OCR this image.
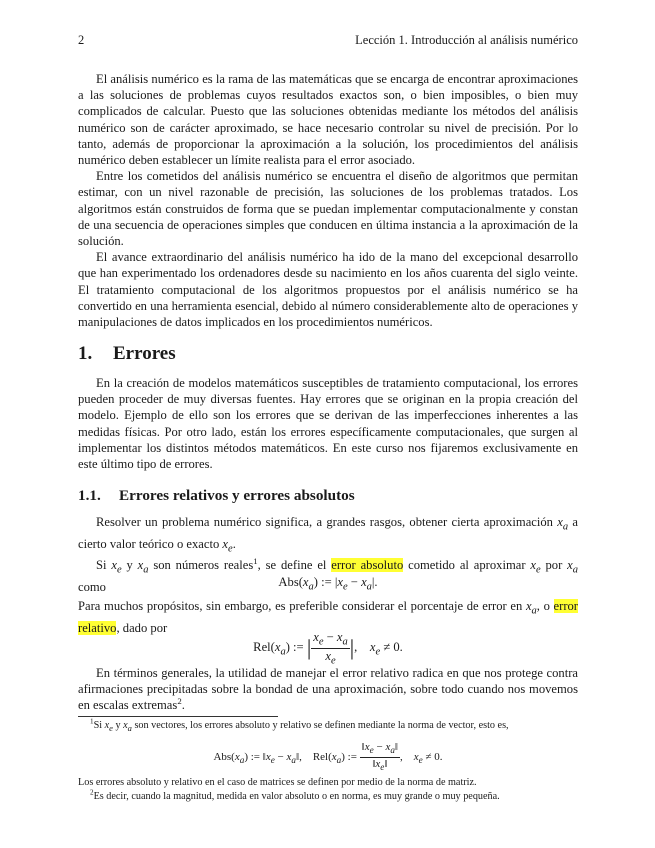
2	Lección 1. Introducción al análisis numérico

El análisis numérico es la rama de las matemáticas que se encarga de encontrar aproximaciones a las soluciones de problemas cuyos resultados exactos son, o bien imposibles, o bien muy complicados de calcular. Puesto que las soluciones obtenidas mediante los métodos del análisis numérico son de carácter aproximado, se hace necesario controlar su nivel de precisión. Por lo tanto, además de proporcionar la aproximación a la solución, los procedimientos del análisis numérico deben establecer un límite realista para el error asociado.

Entre los cometidos del análisis numérico se encuentra el diseño de algoritmos que permitan estimar, con un nivel razonable de precisión, las soluciones de los problemas tratados. Los algoritmos están construidos de forma que se puedan implementar computacionalmente y constan de una secuencia de operaciones simples que conducen en última instancia a la aproximación de la solución.

El avance extraordinario del análisis numérico ha ido de la mano del excepcional desarrollo que han experimentado los ordenadores desde su nacimiento en los años cuarenta del siglo veinte. El tratamiento computacional de los algoritmos propuestos por el análisis numérico se ha convertido en una herramienta esencial, debido al número considerablemente alto de operaciones y manipulaciones de datos implicados en los procedimientos numéricos.

1. Errores

En la creación de modelos matemáticos susceptibles de tratamiento computacional, los errores pueden proceder de muy diversas fuentes. Hay errores que se originan en la propia creación del modelo. Ejemplo de ello son los errores que se derivan de las imperfecciones inherentes a las medidas físicas. Por otro lado, están los errores específicamente computacionales, que surgen al implementar los distintos métodos matemáticos. En este curso nos fijaremos exclusivamente en este último tipo de errores.

1.1. Errores relativos y errores absolutos

Resolver un problema numérico significa, a grandes rasgos, obtener cierta aproximación $x_a$ a cierto valor teórico o exacto $x_e$.

Si $x_e$ y $x_a$ son números reales$^1$, se define el error absoluto cometido al aproximar $x_e$ por $x_a$ como	$Abs(x_a)$ := $|x_e - x_a|$.

Para muchos propósitos, sin embargo, es preferible considerar el porcentaje de error en $x_a$, o error relativo, dado por

$Rel(x_a)$ := | $\frac{x_e - x_a}{x_e}$ |,    $x_e \ne 0$.

En términos generales, la utilidad de manejar el error relativo radica en que nos protege contra afirmaciones precipitadas sobre la bondad de una aproximación, sobre todo cuando nos movemos en escalas extremas$^2$.

$^1$Si $x_e$ y $x_a$ son vectores, los errores absoluto y relativo se definen mediante la norma de vector, esto es,

$Abs(x_a)$ := $‖x_e$ − $x_a‖$,    $Rel(x_a)$ := $\frac{‖x_e - x_a‖}{‖x_e‖}$ ,    $x_e \ne 0$.

Los errores absoluto y relativo en el caso de matrices se definen por medio de la norma de matriz.

$^2$Es decir, cuando la magnitud, medida en valor absoluto o en norma, es muy grande o muy pequeña.
